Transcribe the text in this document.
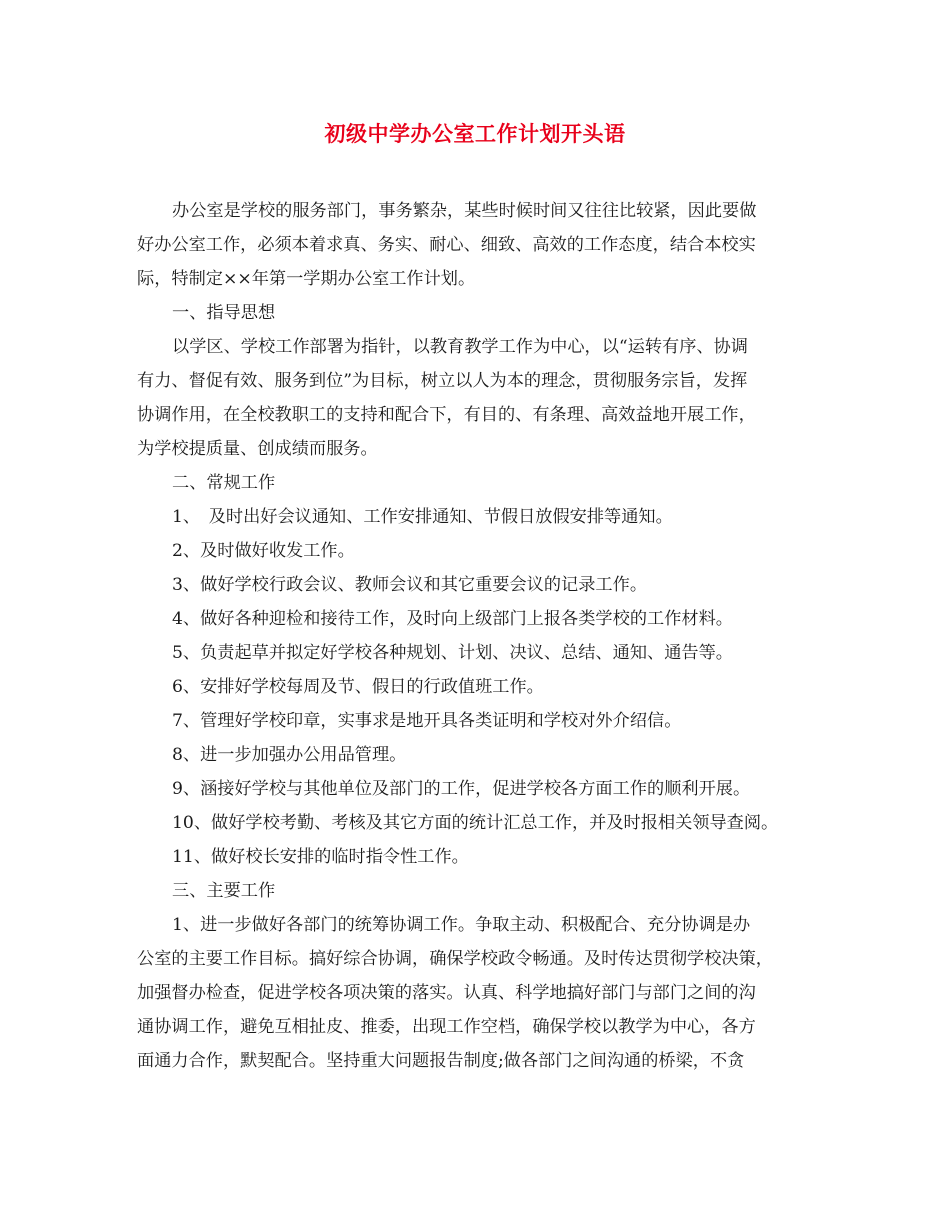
初级中学办公室工作计划开头语
办公室是学校的服务部门，事务繁杂，某些时候时间又往往比较紧，因此要做
好办公室工作，必须本着求真、务实、耐心、细致、高效的工作态度，结合本校实
际，特制定××年第一学期办公室工作计划。
一、指导思想
以学区、学校工作部署为指针，以教育教学工作为中心，以“运转有序、协调
有力、督促有效、服务到位”为目标，树立以人为本的理念，贯彻服务宗旨，发挥
协调作用，在全校教职工的支持和配合下，有目的、有条理、高效益地开展工作，
为学校提质量、创成绩而服务。
二、常规工作
1、　及时出好会议通知、工作安排通知、节假日放假安排等通知。
2、及时做好收发工作。
3、做好学校行政会议、教师会议和其它重要会议的记录工作。
4、做好各种迎检和接待工作，及时向上级部门上报各类学校的工作材料。
5、负责起草并拟定好学校各种规划、计划、决议、总结、通知、通告等。
6、安排好学校每周及节、假日的行政值班工作。
7、管理好学校印章，实事求是地开具各类证明和学校对外介绍信。
8、进一步加强办公用品管理。
9、涵接好学校与其他单位及部门的工作，促进学校各方面工作的顺利开展。
10、做好学校考勤、考核及其它方面的统计汇总工作，并及时报相关领导查阅。
11、做好校长安排的临时指令性工作。
三、主要工作
1、进一步做好各部门的统筹协调工作。争取主动、积极配合、充分协调是办
公室的主要工作目标。搞好综合协调，确保学校政令畅通。及时传达贯彻学校决策，
加强督办检查，促进学校各项决策的落实。认真、科学地搞好部门与部门之间的沟
通协调工作，避免互相扯皮、推委，出现工作空档，确保学校以教学为中心，各方
面通力合作，默契配合。坚持重大问题报告制度;做各部门之间沟通的桥梁，不贪
